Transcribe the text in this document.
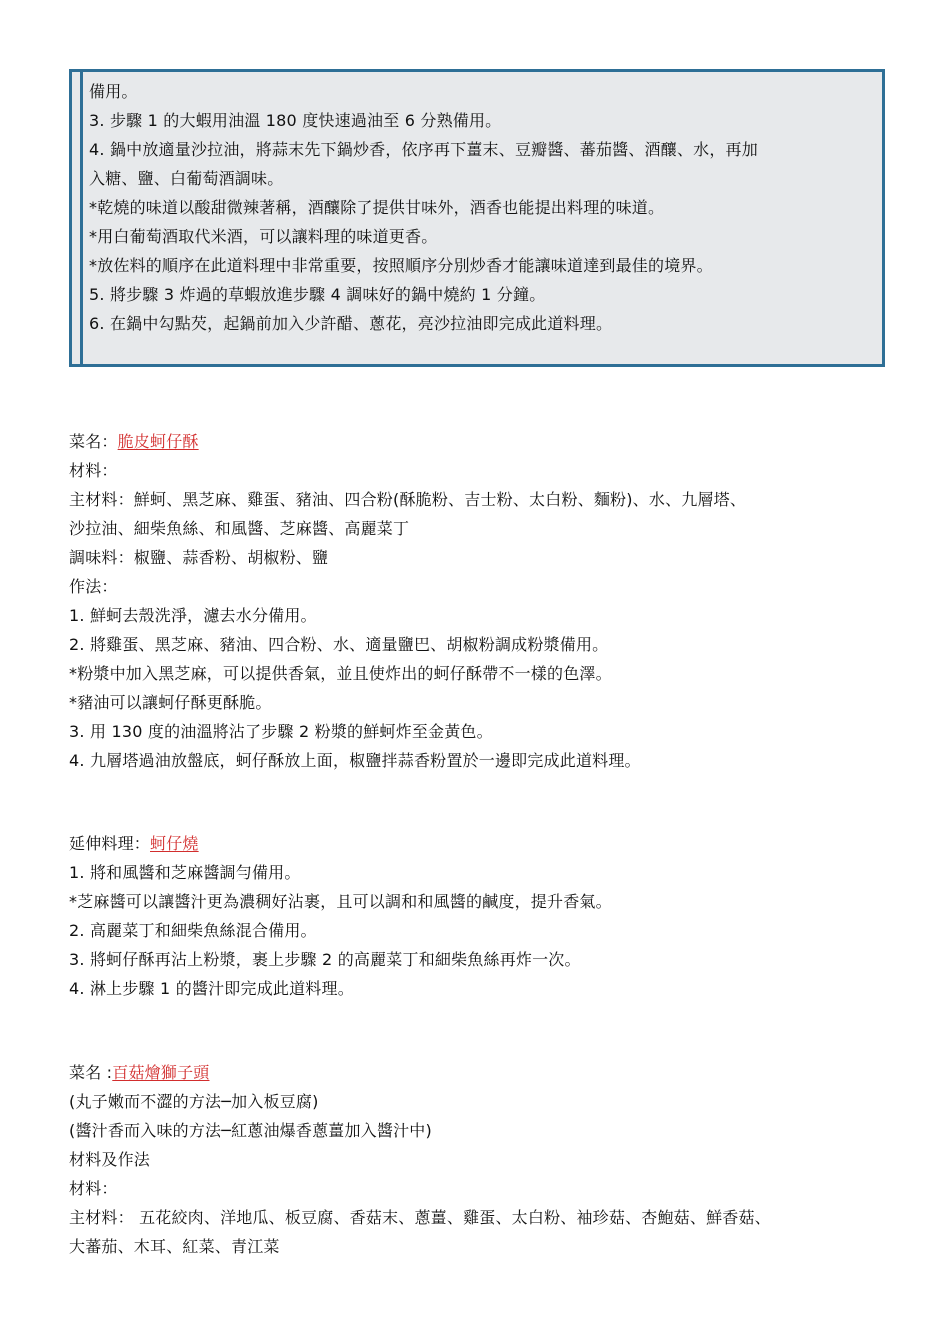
備用。
3. 步驟 1 的大蝦用油溫 180 度快速過油至 6 分熟備用。
4. 鍋中放適量沙拉油，將蒜末先下鍋炒香，依序再下薑末、豆瓣醬、蕃茄醬、酒釀、水，再加
入糖、鹽、白葡萄酒調味。
*乾燒的味道以酸甜微辣著稱，酒釀除了提供甘味外，酒香也能提出料理的味道。
*用白葡萄酒取代米酒，可以讓料理的味道更香。
*放佐料的順序在此道料理中非常重要，按照順序分別炒香才能讓味道達到最佳的境界。
5. 將步驟 3 炸過的草蝦放進步驟 4 調味好的鍋中燒約 1 分鐘。
6. 在鍋中勾點芡，起鍋前加入少許醋、蔥花，亮沙拉油即完成此道料理。
菜名：脆皮蚵仔酥
材料：
主材料：鮮蚵、黑芝麻、雞蛋、豬油、四合粉(酥脆粉、吉士粉、太白粉、麵粉)、水、九層塔、
沙拉油、細柴魚絲、和風醬、芝麻醬、高麗菜丁
調味料：椒鹽、蒜香粉、胡椒粉、鹽
作法：
1. 鮮蚵去殼洗淨，濾去水分備用。
2. 將雞蛋、黑芝麻、豬油、四合粉、水、適量鹽巴、胡椒粉調成粉漿備用。
*粉漿中加入黑芝麻，可以提供香氣，並且使炸出的蚵仔酥帶不一樣的色澤。
*豬油可以讓蚵仔酥更酥脆。
3. 用 130 度的油溫將沾了步驟 2 粉漿的鮮蚵炸至金黃色。
4. 九層塔過油放盤底，蚵仔酥放上面，椒鹽拌蒜香粉置於一邊即完成此道料理。
延伸料理：蚵仔燒
1. 將和風醬和芝麻醬調勻備用。
*芝麻醬可以讓醬汁更為濃稠好沾裹，且可以調和和風醬的鹹度，提升香氣。
2. 高麗菜丁和細柴魚絲混合備用。
3. 將蚵仔酥再沾上粉漿，裹上步驟 2 的高麗菜丁和細柴魚絲再炸一次。
4. 淋上步驟 1 的醬汁即完成此道料理。
菜名 :百菇燴獅子頭
(丸子嫩而不澀的方法─加入板豆腐)
(醬汁香而入味的方法─紅蔥油爆香蔥薑加入醬汁中)
材料及作法
材料：
主材料： 五花絞肉、洋地瓜、板豆腐、香菇末、蔥薑、雞蛋、太白粉、袖珍菇、杏鮑菇、鮮香菇、
大蕃茄、木耳、紅菜、青江菜
